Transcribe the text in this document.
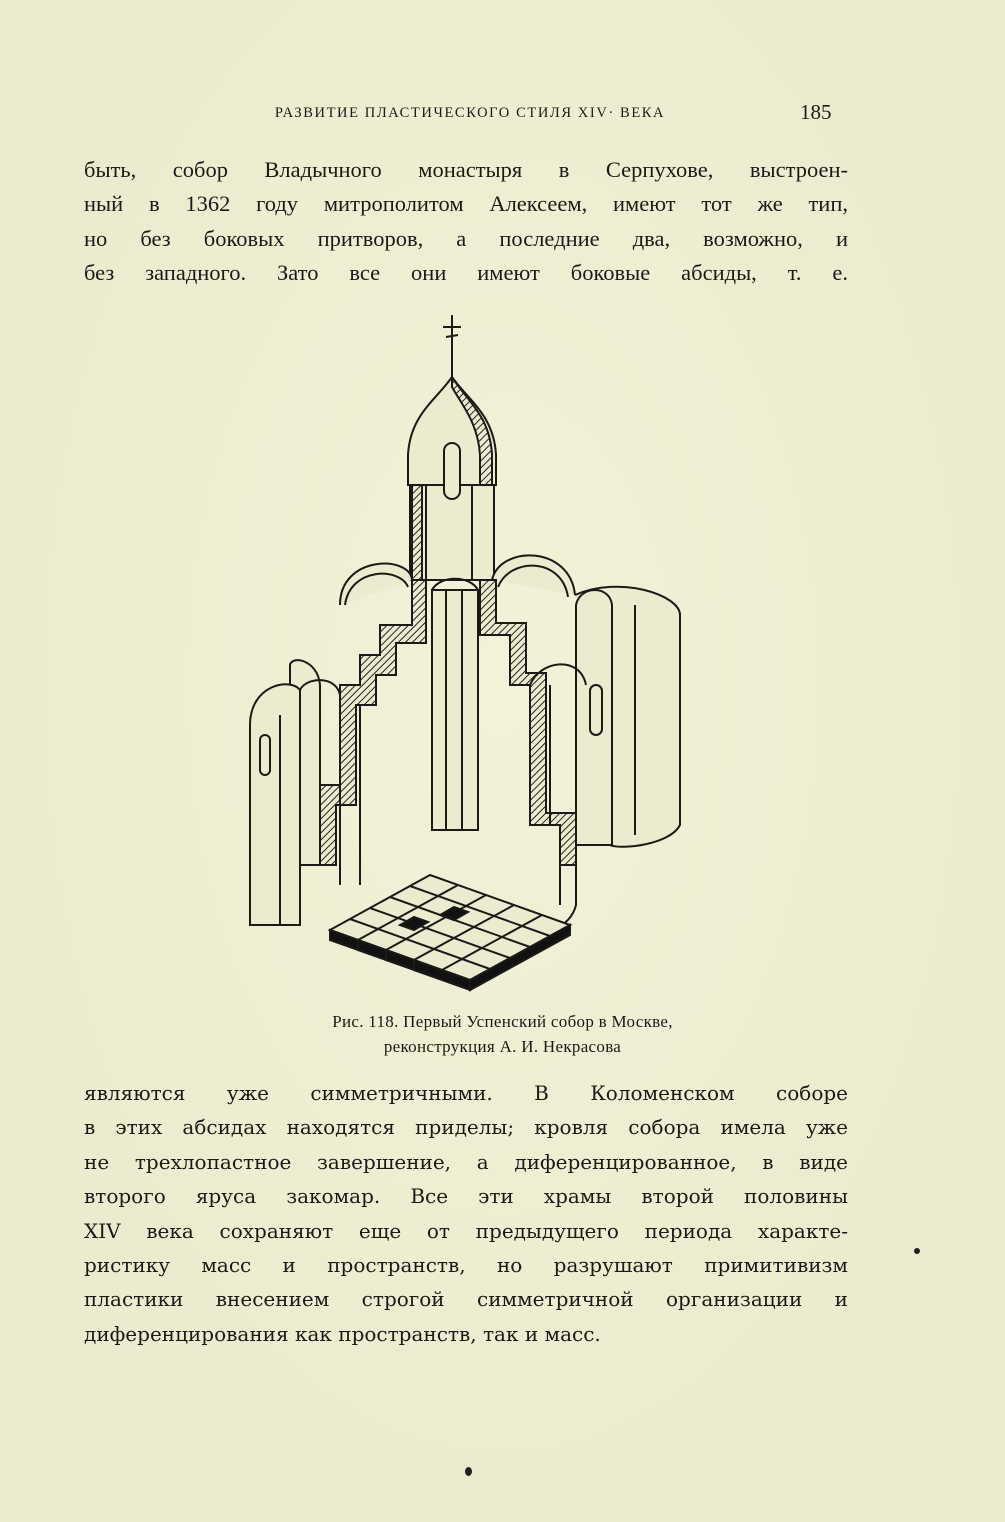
РАЗВИТИЕ ПЛАСТИЧЕСКОГО СТИЛЯ XIV· ВЕКА	185
быть, собор Владычного монастыря в Серпухове, выстроен-
ный в 1362 году митрополитом Алексеем, имеют тот же тип,
но без боковых притворов, а последние два, возможно, и
без западного. Зато все они имеют боковые абсиды, т. е.
Рис. 118. Первый Успенский собор в Москве,
реконструкция А. И. Некрасова
являются уже симметричными. В Коломенском соборе
в этих абсидах находятся приделы; кровля собора имела уже
не трехлопастное завершение, а диференцированное, в виде
второго яруса закомар. Все эти храмы второй половины
XIV века сохраняют еще от предыдущего периода характе-
ристику масс и пространств, но разрушают примитивизм
пластики внесением строгой симметричной организации и
диференцирования как пространств, так и масс.
